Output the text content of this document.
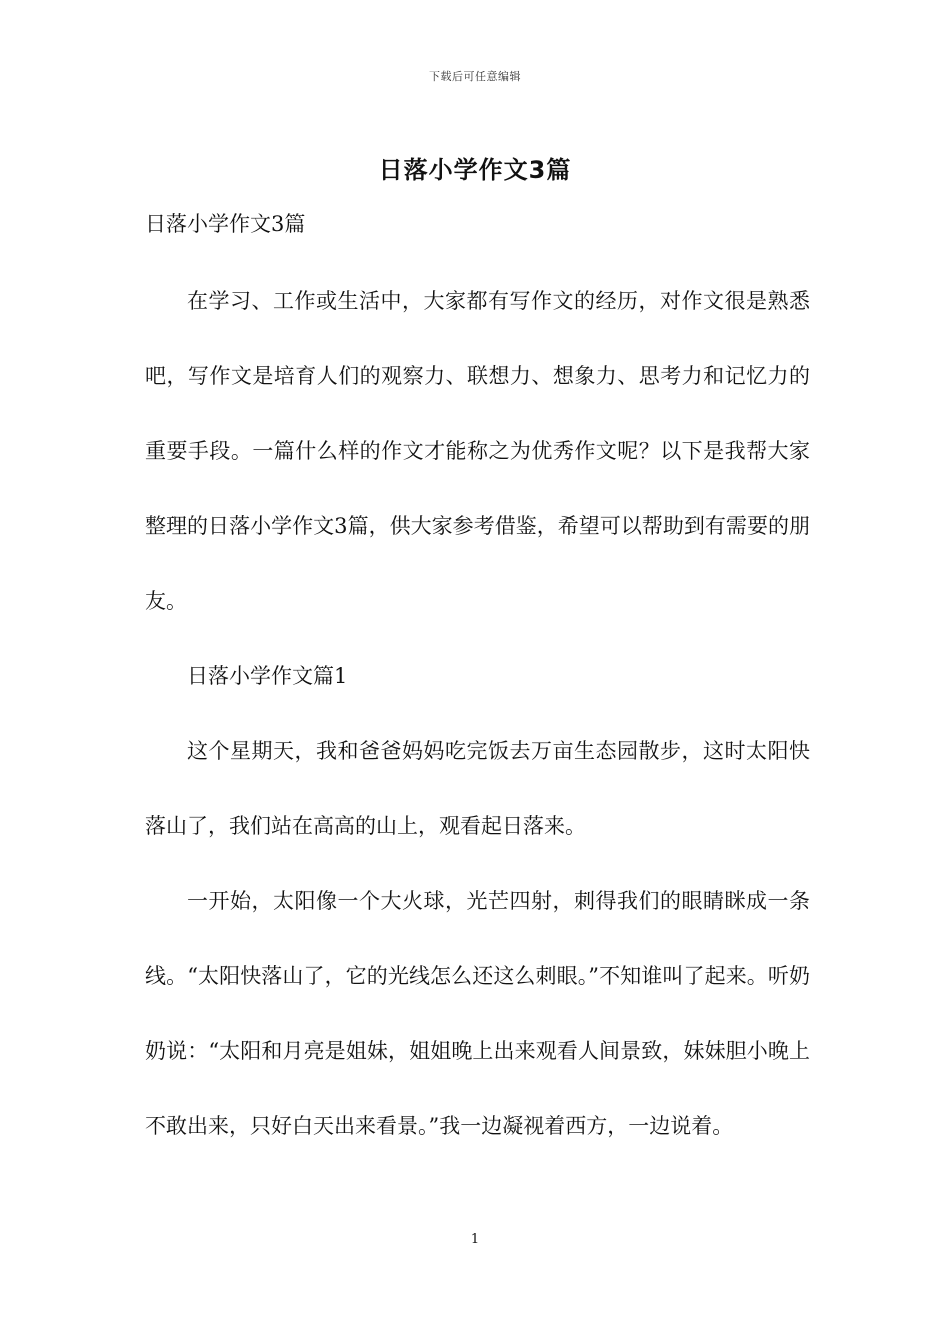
下载后可任意编辑
日落小学作文3篇
日落小学作文3篇

在学习、工作或生活中，大家都有写作文的经历，对作文很是熟悉吧，写作文是培育人们的观察力、联想力、想象力、思考力和记忆力的重要手段。一篇什么样的作文才能称之为优秀作文呢？以下是我帮大家整理的日落小学作文3篇，供大家参考借鉴，希望可以帮助到有需要的朋友。

日落小学作文篇1

这个星期天，我和爸爸妈妈吃完饭去万亩生态园散步，这时太阳快落山了，我们站在高高的山上，观看起日落来。

一开始，太阳像一个大火球，光芒四射，刺得我们的眼睛眯成一条线。“太阳快落山了，它的光线怎么还这么刺眼。”不知谁叫了起来。听奶奶说：“太阳和月亮是姐妹，姐姐晚上出来观看人间景致，妹妹胆小晚上不敢出来，只好白天出来看景。”我一边凝视着西方，一边说着。

1
